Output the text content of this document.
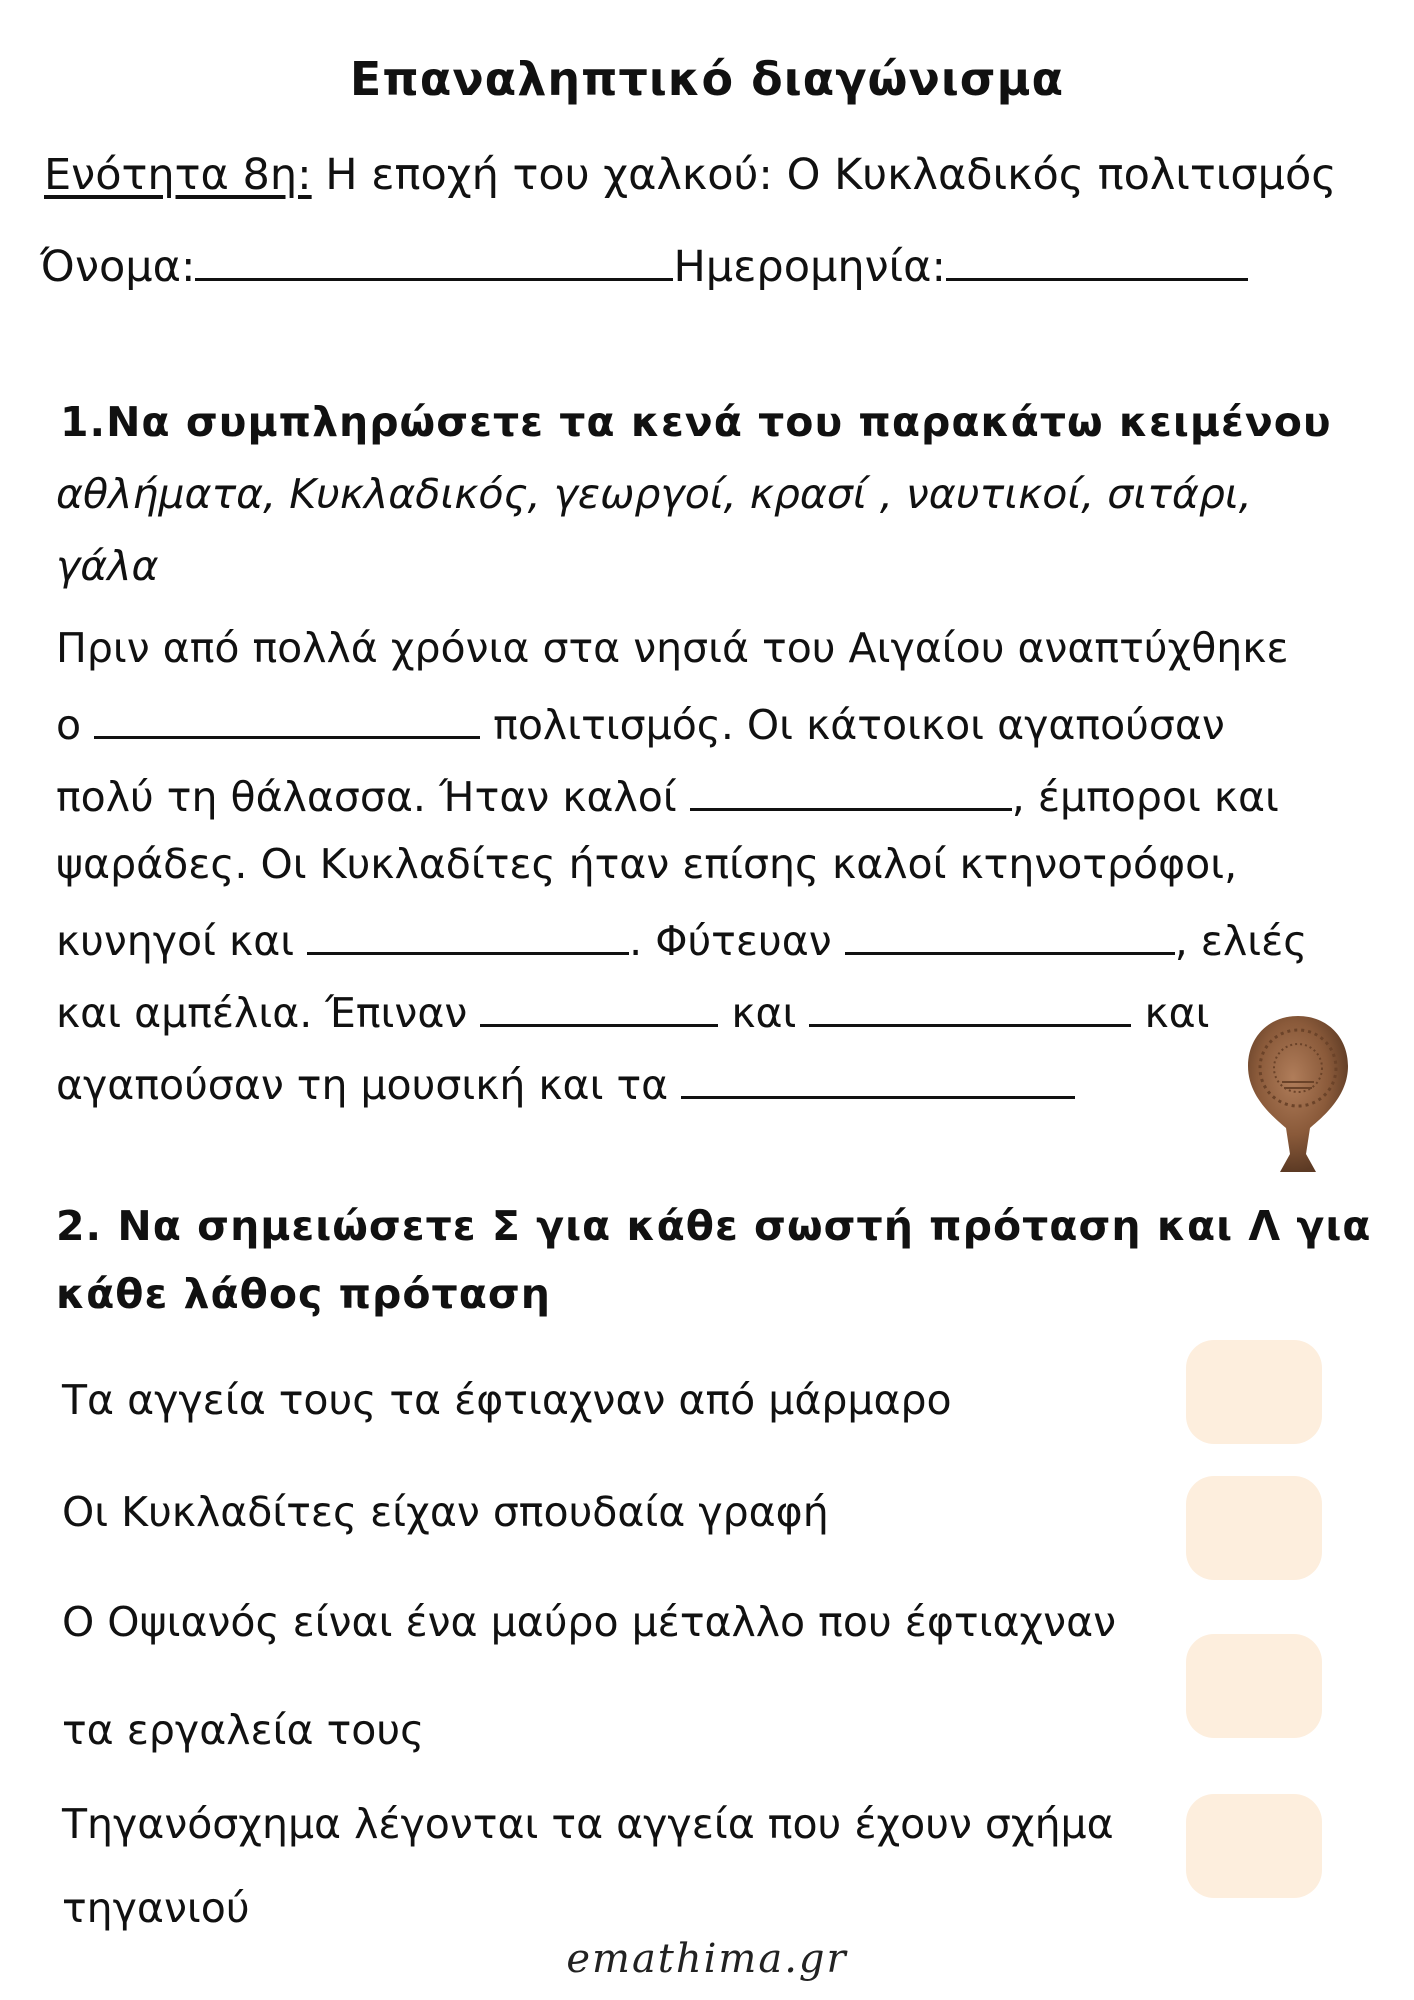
Επαναληπτικό διαγώνισμα
Ενότητα 8η: Η εποχή του χαλκού: Ο Κυκλαδικός πολιτισμός
Όνομα:	Ημερομηνία:
1.Να συμπληρώσετε τα κενά του παρακάτω κειμένου
αθλήματα, Κυκλαδικός, γεωργοί, κρασί , ναυτικοί, σιτάρι,
γάλα
Πριν από πολλά χρόνια στα νησιά του Αιγαίου αναπτύχθηκε
ο	πολιτισμός. Οι κάτοικοι αγαπούσαν
πολύ τη θάλασσα. Ήταν καλοί	, έμποροι και
ψαράδες. Οι Κυκλαδίτες ήταν επίσης καλοί κτηνοτρόφοι,
κυνηγοί και	. Φύτευαν	, ελιές
και αμπέλια. Έπιναν	και	και
αγαπούσαν τη μουσική και τα
2. Να σημειώσετε Σ για κάθε σωστή πρόταση και Λ για
κάθε λάθος πρόταση
Τα αγγεία τους τα έφτιαχναν από μάρμαρο
Οι Κυκλαδίτες είχαν σπουδαία γραφή
Ο Οψιανός είναι ένα μαύρο μέταλλο που έφτιαχναν
τα εργαλεία τους
Τηγανόσχημα λέγονται τα αγγεία που έχουν σχήμα
τηγανιού
emathima.gr
